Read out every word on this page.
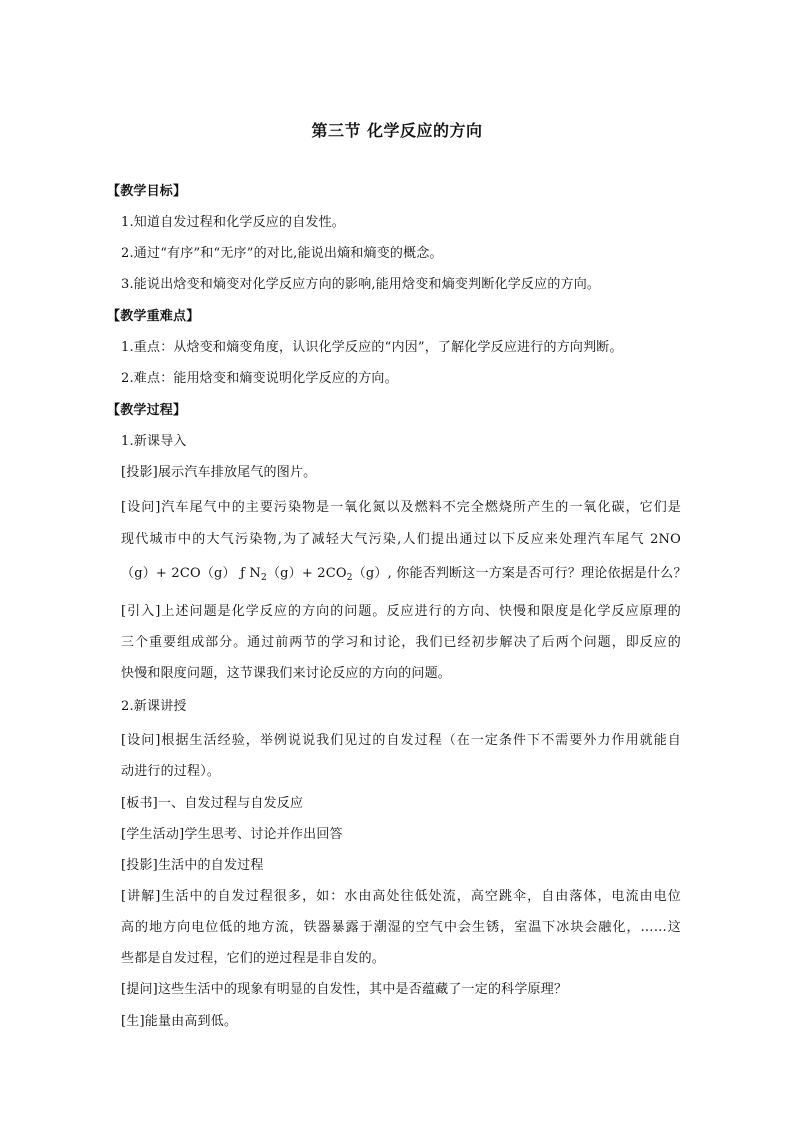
第三节 化学反应的方向
【教学目标】
1.知道自发过程和化学反应的自发性。
2.通过“有序”和“无序”的对比,能说出熵和熵变的概念。
3.能说出焓变和熵变对化学反应方向的影响,能用焓变和熵变判断化学反应的方向。
【教学重难点】
1.重点：从焓变和熵变角度，认识化学反应的“内因”，了解化学反应进行的方向判断。
2.难点：能用焓变和熵变说明化学反应的方向。
【教学过程】
1.新课导入
[投影]展示汽车排放尾气的图片。
[设问]汽车尾气中的主要污染物是一氧化氮以及燃料不完全燃烧所产生的一氧化碳，它们是
现代城市中的大气污染物,为了减轻大气污染,人们提出通过以下反应来处理汽车尾气 2NO
（g）+ 2CO（g） ƒ $N_2(g)+ 2CO_2(g)$, 你能否判断这一方案是否可行？理论依据是什么？
[引入]上述问题是化学反应的方向的问题。反应进行的方向、快慢和限度是化学反应原理的
三个重要组成部分。通过前两节的学习和讨论，我们已经初步解决了后两个问题，即反应的
快慢和限度问题，这节课我们来讨论反应的方向的问题。
2.新课讲授
[设问]根据生活经验，举例说说我们见过的自发过程（在一定条件下不需要外力作用就能自
动进行的过程）。
[板书]一、自发过程与自发反应
[学生活动]学生思考、讨论并作出回答
[投影]生活中的自发过程
[讲解]生活中的自发过程很多，如：水由高处往低处流，高空跳伞，自由落体，电流由电位
高的地方向电位低的地方流，铁器暴露于潮湿的空气中会生锈，室温下冰块会融化，……这
些都是自发过程，它们的逆过程是非自发的。
[提问]这些生活中的现象有明显的自发性，其中是否蕴藏了一定的科学原理？
[生]能量由高到低。
